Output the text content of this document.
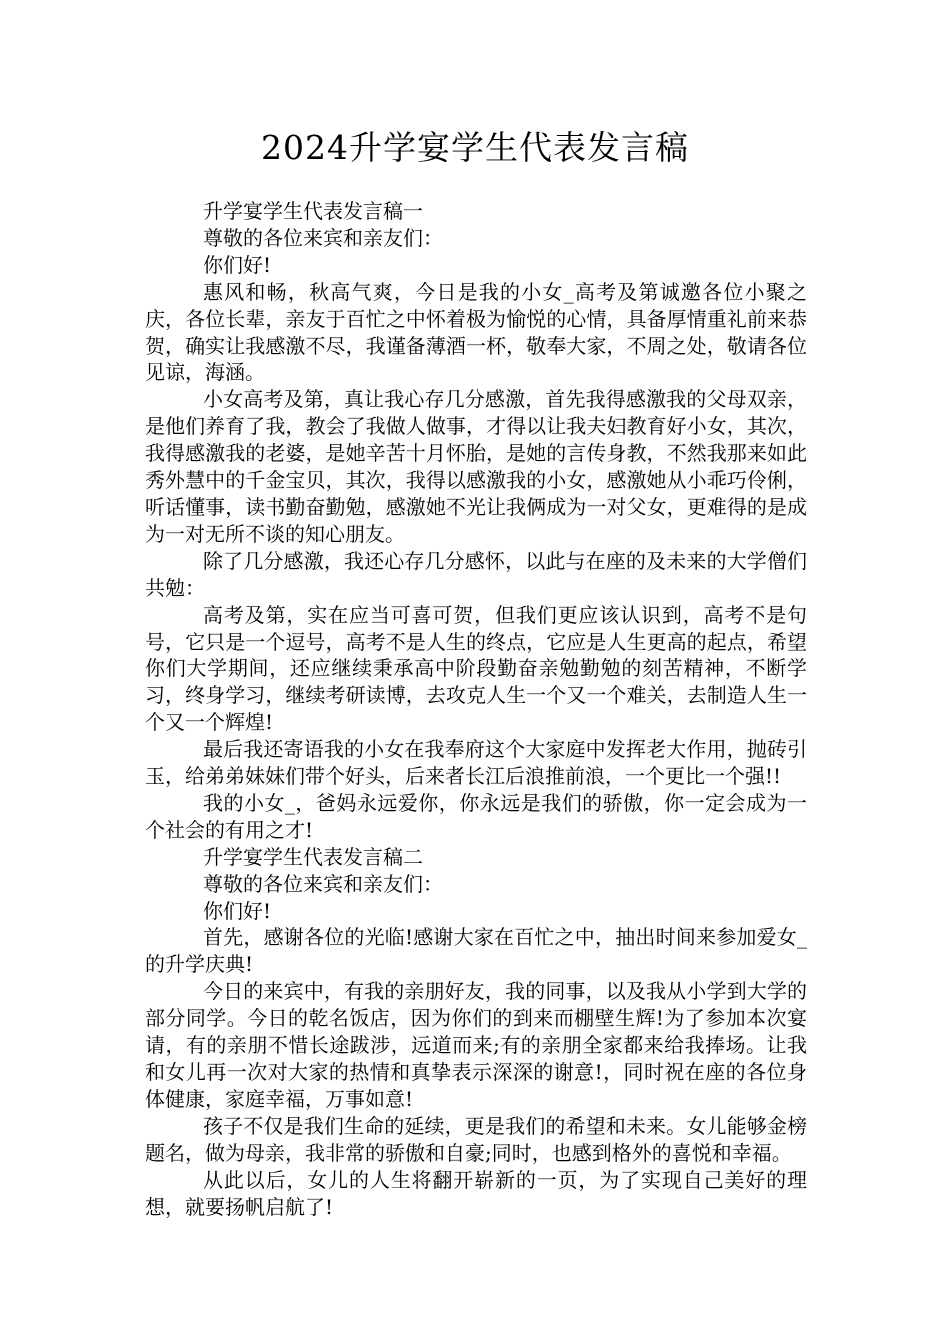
2024升学宴学生代表发言稿

升学宴学生代表发言稿一

尊敬的各位来宾和亲友们：

你们好!

惠风和畅，秋高气爽，今日是我的小女_高考及第诚邀各位小聚之庆，各位长辈，亲友于百忙之中怀着极为愉悦的心情，具备厚情重礼前来恭贺，确实让我感激不尽，我谨备薄酒一杯，敬奉大家，不周之处，敬请各位见谅，海涵。

小女高考及第，真让我心存几分感激，首先我得感激我的父母双亲，是他们养育了我，教会了我做人做事，才得以让我夫妇教育好小女，其次，我得感激我的老婆，是她辛苦十月怀胎，是她的言传身教，不然我那来如此秀外慧中的千金宝贝，其次，我得以感激我的小女，感激她从小乖巧伶俐，听话懂事，读书勤奋勤勉，感激她不光让我俩成为一对父女，更难得的是成为一对无所不谈的知心朋友。

除了几分感激，我还心存几分感怀，以此与在座的及未来的大学僧们共勉：

高考及第，实在应当可喜可贺，但我们更应该认识到，高考不是句号，它只是一个逗号，高考不是人生的终点，它应是人生更高的起点，希望你们大学期间，还应继续秉承高中阶段勤奋亲勉勤勉的刻苦精神，不断学习，终身学习，继续考研读博，去攻克人生一个又一个难关，去制造人生一个又一个辉煌!

最后我还寄语我的小女在我奉府这个大家庭中发挥老大作用，抛砖引玉，给弟弟妹妹们带个好头，后来者长江后浪推前浪，一个更比一个强!!

我的小女_，爸妈永远爱你，你永远是我们的骄傲，你一定会成为一个社会的有用之才!

升学宴学生代表发言稿二

尊敬的各位来宾和亲友们：

你们好!

首先，感谢各位的光临!感谢大家在百忙之中，抽出时间来参加爱女_的升学庆典!

今日的来宾中，有我的亲朋好友，我的同事，以及我从小学到大学的部分同学。今日的乾名饭店，因为你们的到来而棚壁生辉!为了参加本次宴请，有的亲朋不惜长途跋涉，远道而来;有的亲朋全家都来给我捧场。让我和女儿再一次对大家的热情和真挚表示深深的谢意!，同时祝在座的各位身体健康，家庭幸福，万事如意!

孩子不仅是我们生命的延续，更是我们的希望和未来。女儿能够金榜题名，做为母亲，我非常的骄傲和自豪;同时，也感到格外的喜悦和幸福。

从此以后，女儿的人生将翻开崭新的一页，为了实现自己美好的理想，就要扬帆启航了!
